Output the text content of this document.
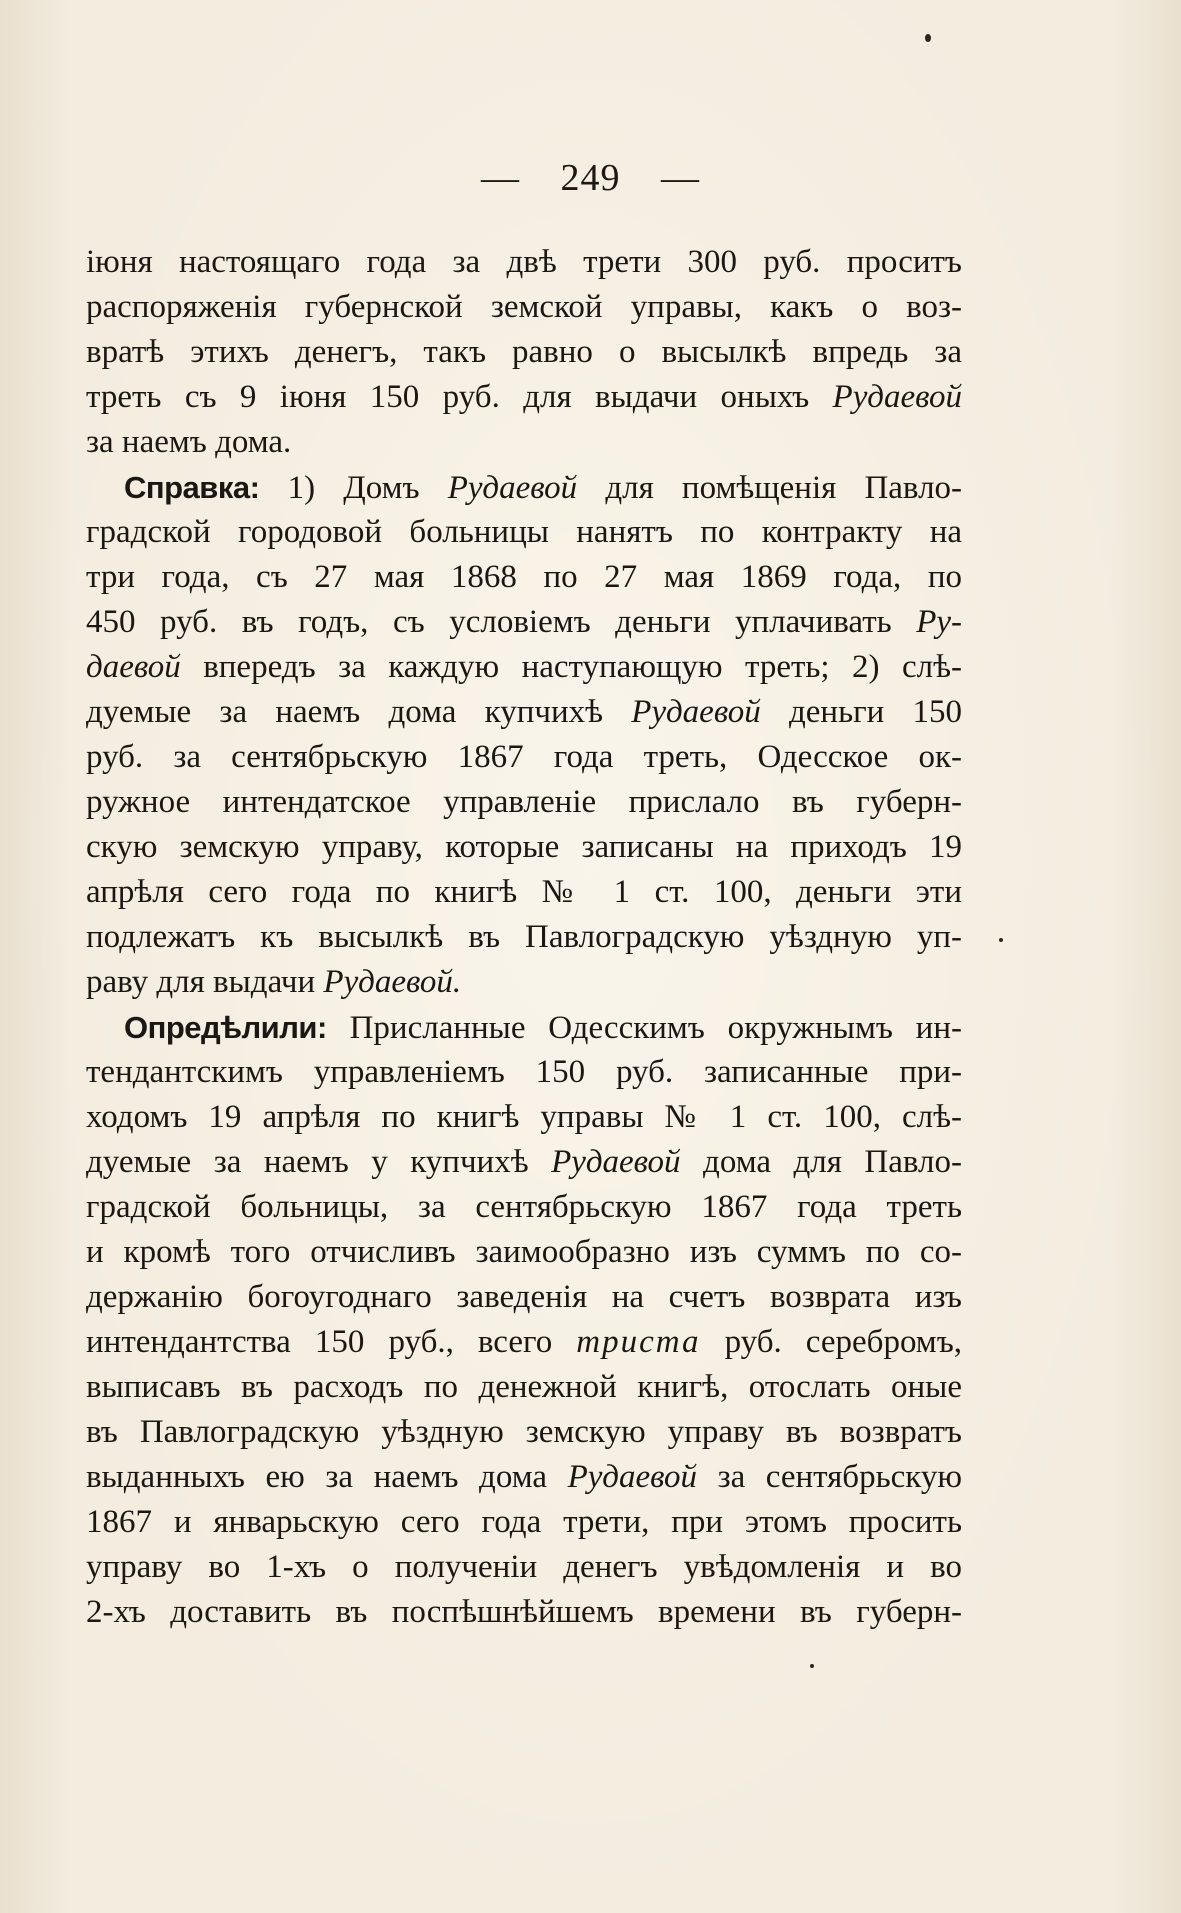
— 249 —
іюня настоящаго года за двѣ трети 300 руб. проситъ
распоряженія губернской земской управы, какъ о воз-
вратѣ этихъ денегъ, такъ равно о высылкѣ впредь за
треть съ 9 іюня 150 руб. для выдачи оныхъ Рудаевой
за наемъ дома.
Справка: 1) Домъ Рудаевой для помѣщенія Павло-
градской городовой больницы нанятъ по контракту на
три года, съ 27 мая 1868 по 27 мая 1869 года, по
450 руб. въ годъ, съ условіемъ деньги уплачивать Ру-
даевой впередъ за каждую наступающую треть; 2) слѣ-
дуемые за наемъ дома купчихѣ Рудаевой деньги 150
руб. за сентябрьскую 1867 года треть, Одесское ок-
ружное интендатское управленіе прислало въ губерн-
скую земскую управу, которые записаны на приходъ 19
апрѣля сего года по книгѣ № 1 ст. 100, деньги эти
подлежатъ къ высылкѣ въ Павлоградскую уѣздную уп-
раву для выдачи Рудаевой.
Опредѣлили: Присланные Одесскимъ окружнымъ ин-
тендантскимъ управленіемъ 150 руб. записанные при-
ходомъ 19 апрѣля по книгѣ управы № 1 ст. 100, слѣ-
дуемые за наемъ у купчихѣ Рудаевой дома для Павло-
градской больницы, за сентябрьскую 1867 года треть
и кромѣ того отчисливъ заимообразно изъ суммъ по со-
держанію богоугоднаго заведенія на счетъ возврата изъ
интендантства 150 руб., всего триста руб. серебромъ,
выписавъ въ расходъ по денежной книгѣ, отослать оные
въ Павлоградскую уѣздную земскую управу въ возвратъ
выданныхъ ею за наемъ дома Рудаевой за сентябрьскую
1867 и январьскую сего года трети, при этомъ просить
управу во 1-хъ о полученіи денегъ увѣдомленія и во
2-хъ доставить въ поспѣшнѣйшемъ времени въ губерн-
